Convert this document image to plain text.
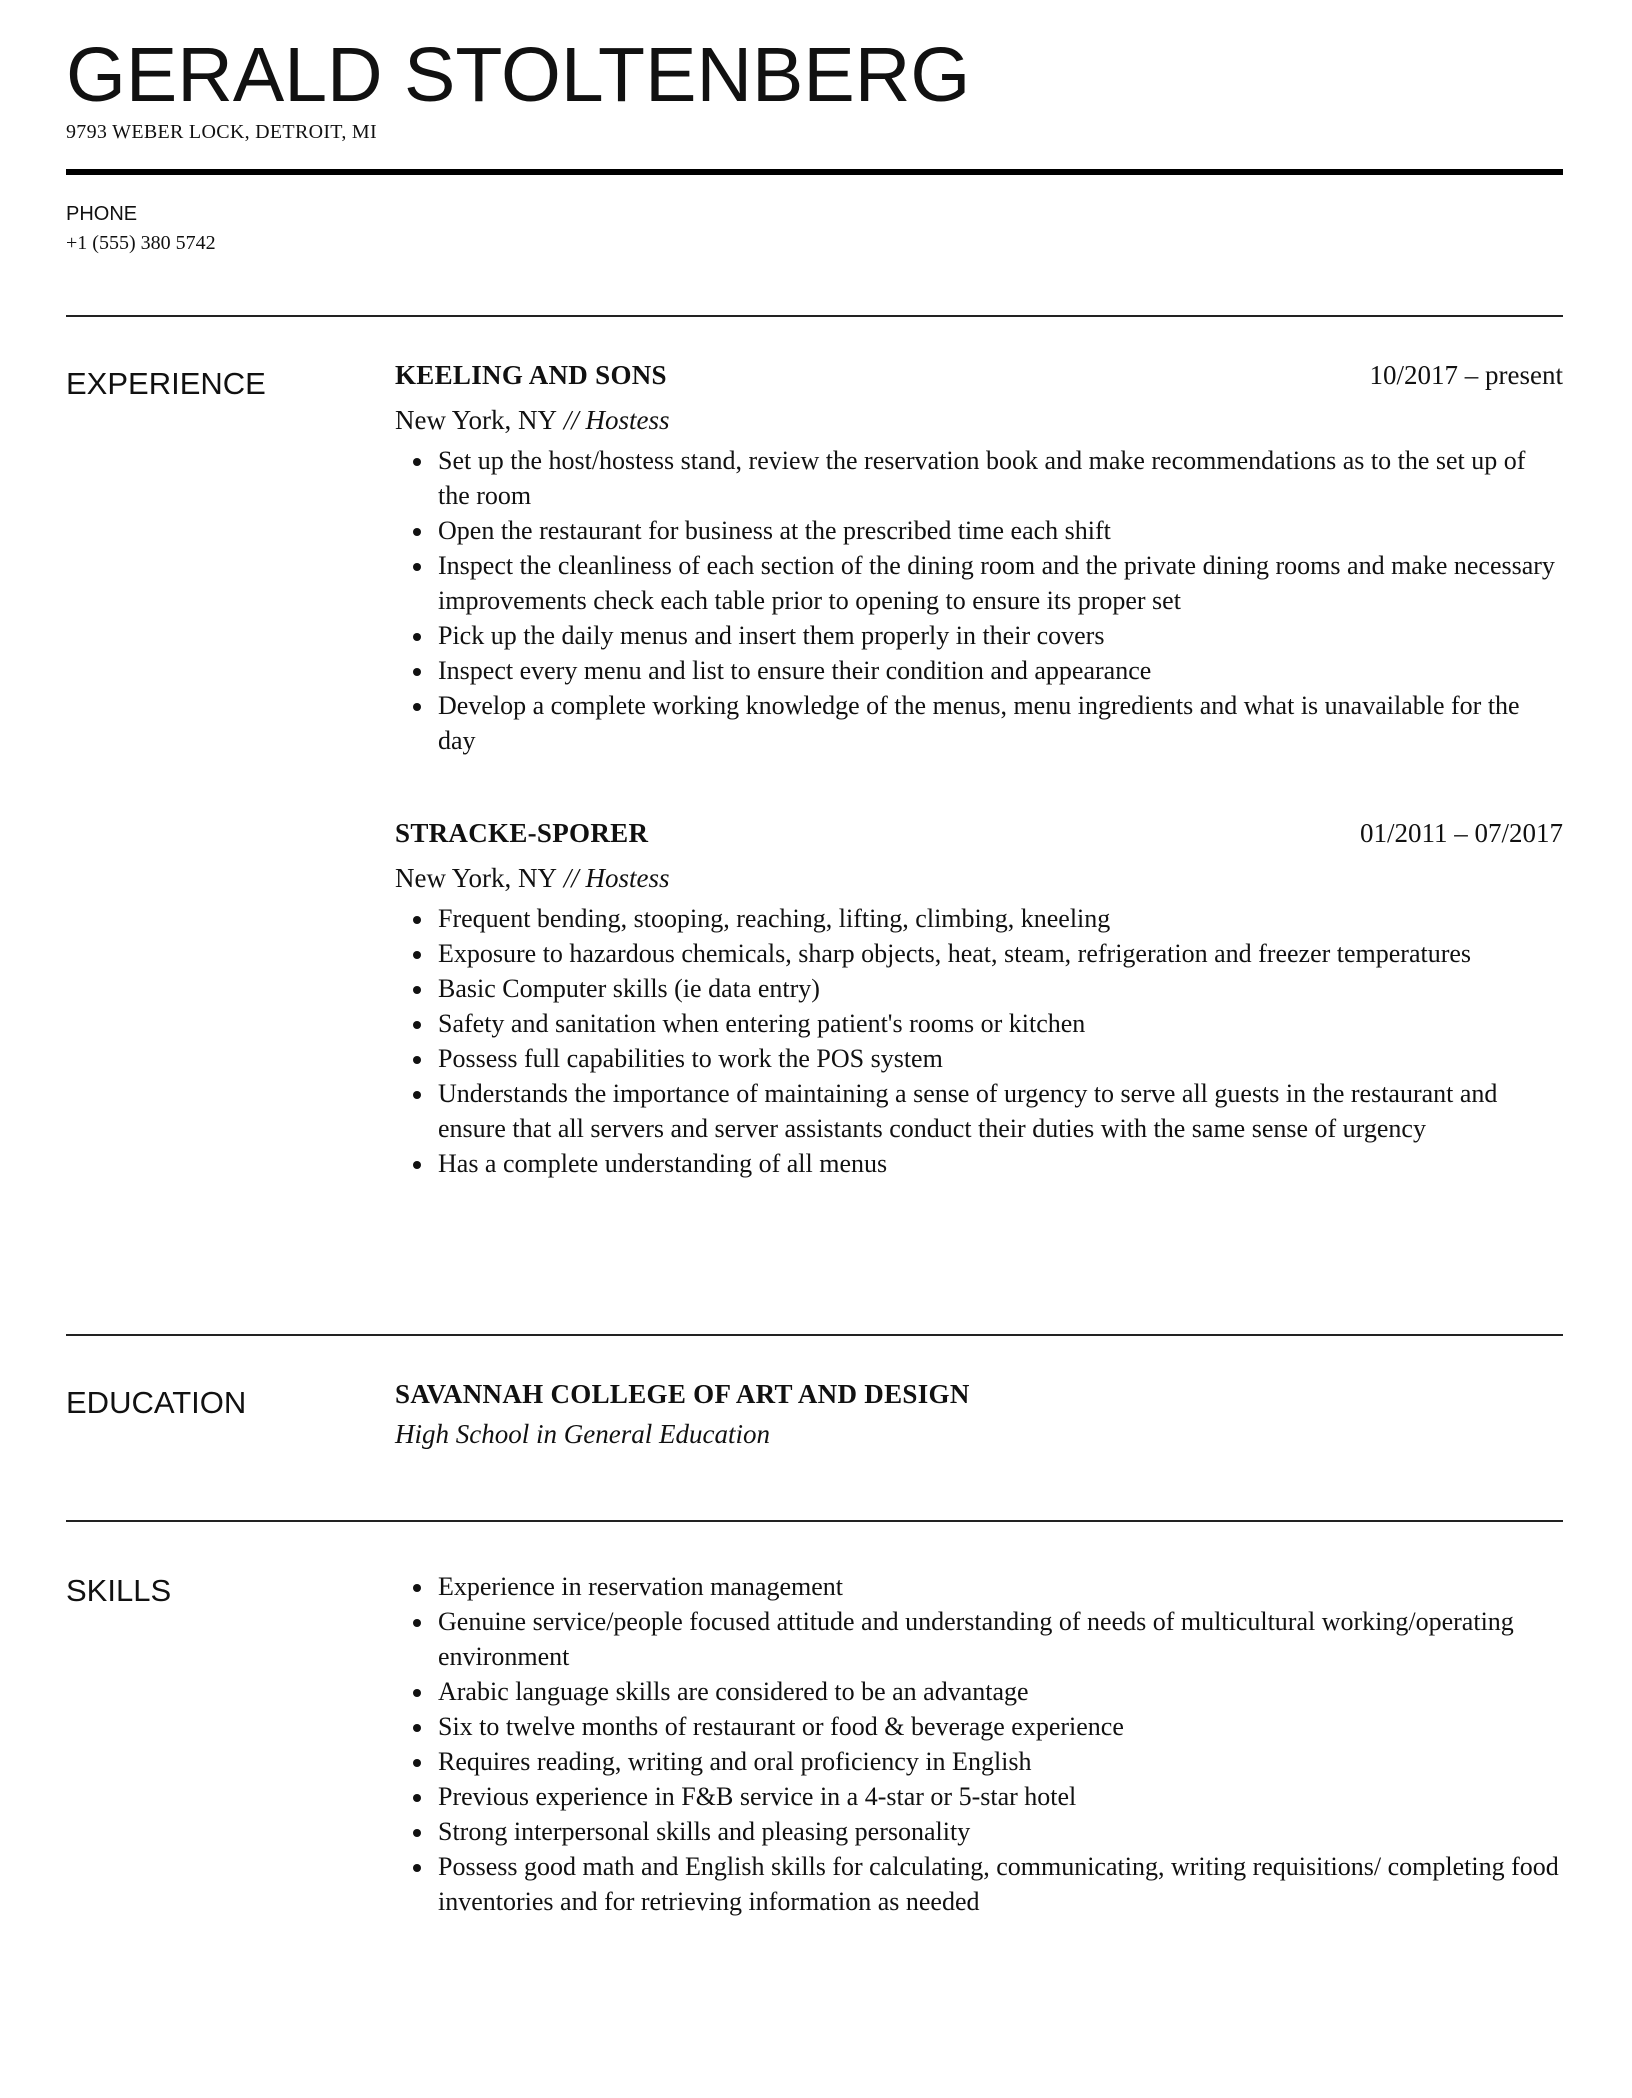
GERALD STOLTENBERG
9793 WEBER LOCK, DETROIT, MI
PHONE
+1 (555) 380 5742
EXPERIENCE	KEELING AND SONS	10/2017 – present
New York, NY // Hostess
Set up the host/hostess stand, review the reservation book and make recommendations as to the set up of the room
Open the restaurant for business at the prescribed time each shift
Inspect the cleanliness of each section of the dining room and the private dining rooms and make necessary improvements check each table prior to opening to ensure its proper set
Pick up the daily menus and insert them properly in their covers
Inspect every menu and list to ensure their condition and appearance
Develop a complete working knowledge of the menus, menu ingredients and what is unavailable for the day
STRACKE-SPORER	01/2011 – 07/2017
New York, NY // Hostess
Frequent bending, stooping, reaching, lifting, climbing, kneeling
Exposure to hazardous chemicals, sharp objects, heat, steam, refrigeration and freezer temperatures
Basic Computer skills (ie data entry)
Safety and sanitation when entering patient's rooms or kitchen
Possess full capabilities to work the POS system
Understands the importance of maintaining a sense of urgency to serve all guests in the restaurant and ensure that all servers and server assistants conduct their duties with the same sense of urgency
Has a complete understanding of all menus
EDUCATION	SAVANNAH COLLEGE OF ART AND DESIGN
High School in General Education
SKILLS	Experience in reservation management
Genuine service/people focused attitude and understanding of needs of multicultural working/operating environment
Arabic language skills are considered to be an advantage
Six to twelve months of restaurant or food & beverage experience
Requires reading, writing and oral proficiency in English
Previous experience in F&B service in a 4-star or 5-star hotel
Strong interpersonal skills and pleasing personality
Possess good math and English skills for calculating, communicating, writing requisitions/ completing food inventories and for retrieving information as needed
